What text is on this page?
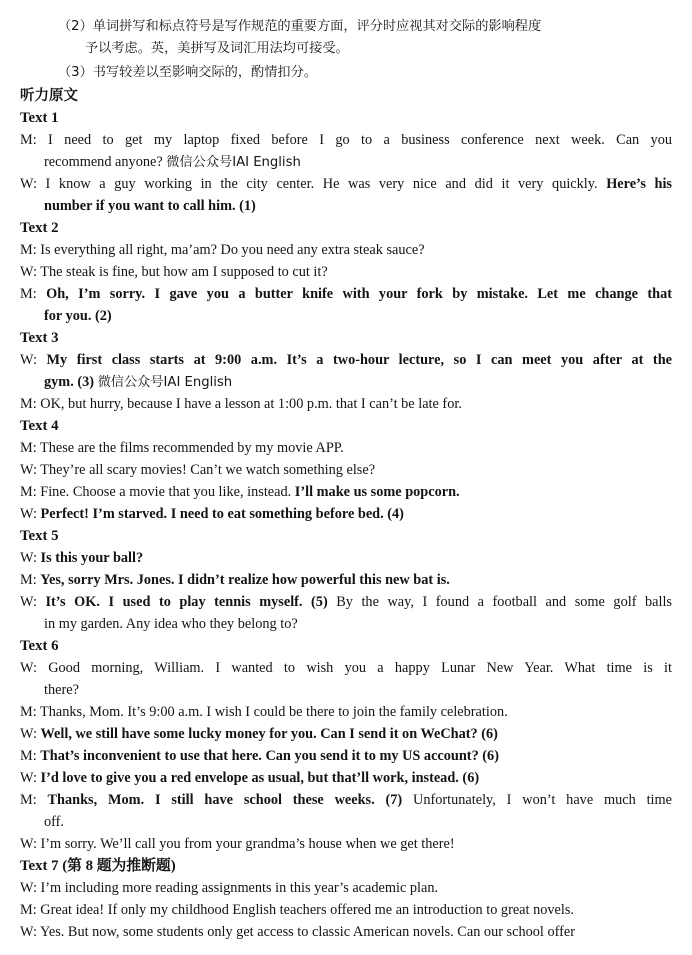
（2）单词拼写和标点符号是写作规范的重要方面，评分时应视其对交际的影响程度
予以考虑。英，美拼写及词汇用法均可接受。
（3）书写较差以至影响交际的，酌情扣分。
听力原文
Text 1
M: I need to get my laptop fixed before I go to a business conference next week. Can you
recommend anyone? 微信公众号IAI English
W: I know a guy working in the city center. He was very nice and did it very quickly. Here’s his
number if you want to call him. (1)
Text 2
M: Is everything all right, ma’am? Do you need any extra steak sauce?
W: The steak is fine, but how am I supposed to cut it?
M: Oh, I’m sorry. I gave you a butter knife with your fork by mistake. Let me change that
for you. (2)
Text 3
W: My first class starts at 9:00 a.m. It’s a two-hour lecture, so I can meet you after at the
gym. (3) 微信公众号IAI English
M: OK, but hurry, because I have a lesson at 1:00 p.m. that I can’t be late for.
Text 4
M: These are the films recommended by my movie APP.
W: They’re all scary movies! Can’t we watch something else?
M: Fine. Choose a movie that you like, instead. I’ll make us some popcorn.
W: Perfect! I’m starved. I need to eat something before bed. (4)
Text 5
W: Is this your ball?
M: Yes, sorry Mrs. Jones. I didn’t realize how powerful this new bat is.
W: It’s OK. I used to play tennis myself. (5) By the way, I found a football and some golf balls
in my garden. Any idea who they belong to?
Text 6
W: Good morning, William. I wanted to wish you a happy Lunar New Year. What time is it
there?
M: Thanks, Mom. It’s 9:00 a.m. I wish I could be there to join the family celebration.
W: Well, we still have some lucky money for you. Can I send it on WeChat? (6)
M: That’s inconvenient to use that here. Can you send it to my US account? (6)
W: I’d love to give you a red envelope as usual, but that’ll work, instead. (6)
M: Thanks, Mom. I still have school these weeks. (7) Unfortunately, I won’t have much time
off.
W: I’m sorry. We’ll call you from your grandma’s house when we get there!
Text 7 (第 8 题为推断题)
W: I’m including more reading assignments in this year’s academic plan.
M: Great idea! If only my childhood English teachers offered me an introduction to great novels.
W: Yes. But now, some students only get access to classic American novels. Can our school offer
